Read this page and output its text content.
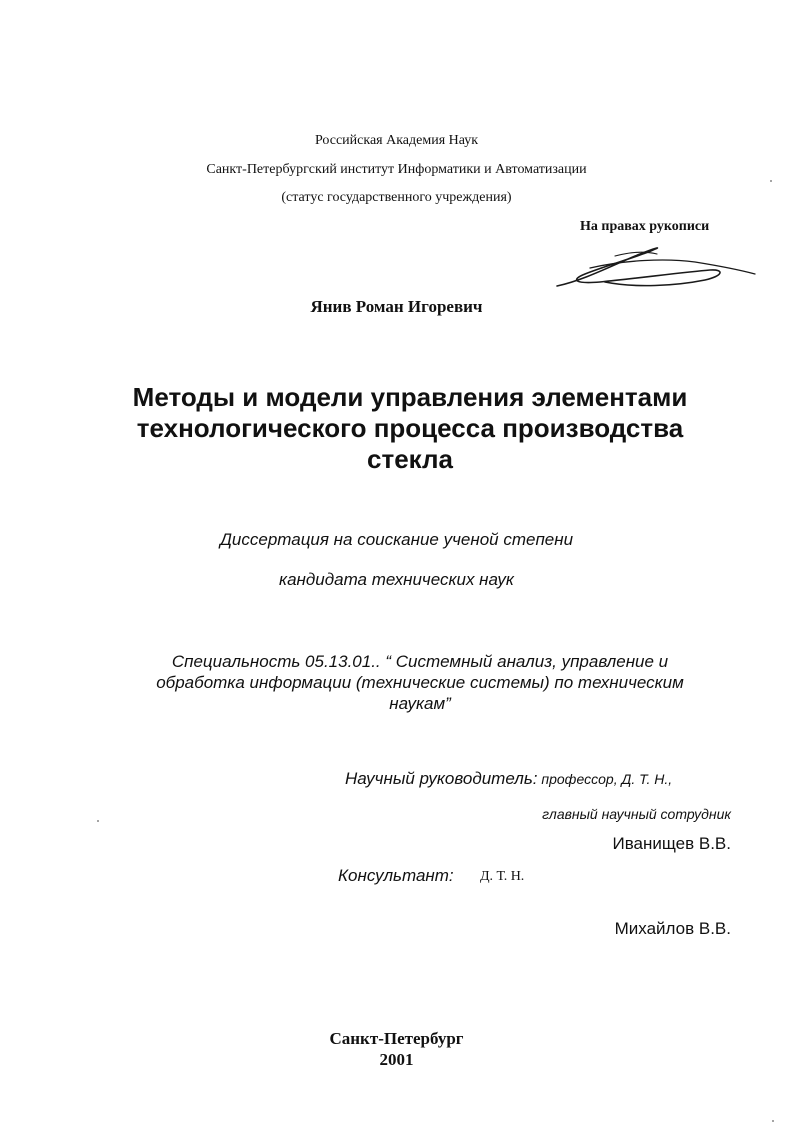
Российская Академия Наук
Санкт-Петербургский институт Информатики и Автоматизации
(статус государственного учреждения)
На правах рукописи
Янив Роман Игоревич
Методы и модели управления элементами
технологического процесса производства
стекла
Диссертация на соискание ученой степени
кандидата технических наук
Специальность 05.13.01.. “ Системный анализ, управление и
обработка информации (технические системы) по техническим
наукам”
Научный руководитель: профессор, Д. Т. Н.,
главный научный сотрудник
Иванищев В.В.
Консультант: Д. Т. Н.
Михайлов В.В.
Санкт-Петербург
2001
